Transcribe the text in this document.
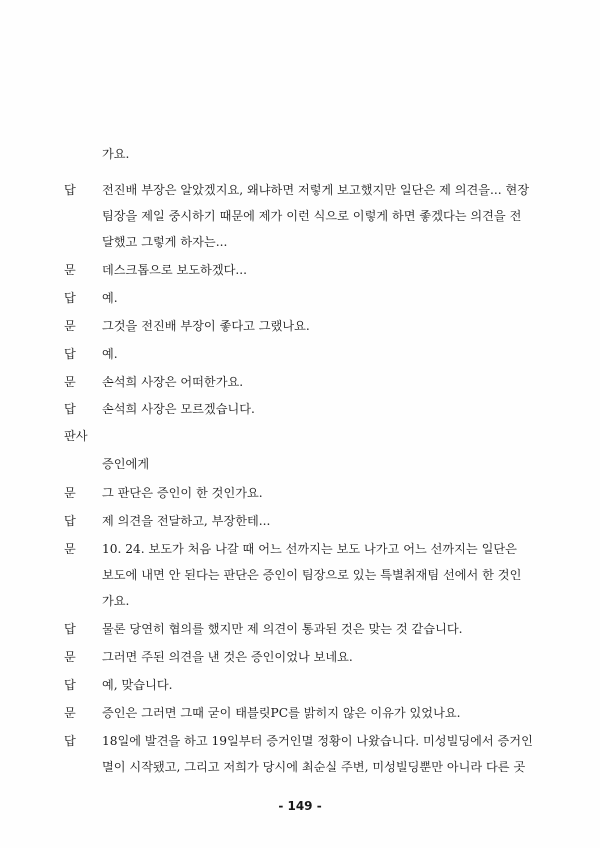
가요.
답 전진배 부장은 알았겠지요, 왜냐하면 저렇게 보고했지만 일단은 제 의견을... 현장
팀장을 제일 중시하기 때문에 제가 이런 식으로 이렇게 하면 좋겠다는 의견을 전
달했고 그렇게 하자는...
문 데스크톱으로 보도하겠다...
답 예.
문 그것을 전진배 부장이 좋다고 그랬나요.
답 예.
문 손석희 사장은 어떠한가요.
답 손석희 사장은 모르겠습니다.
판사
증인에게
문 그 판단은 증인이 한 것인가요.
답 제 의견을 전달하고, 부장한테...
문 10. 24. 보도가 처음 나갈 때 어느 선까지는 보도 나가고 어느 선까지는 일단은
보도에 내면 안 된다는 판단은 증인이 팀장으로 있는 특별취재팀 선에서 한 것인
가요.
답 물론 당연히 협의를 했지만 제 의견이 통과된 것은 맞는 것 같습니다.
문 그러면 주된 의견을 낸 것은 증인이었나 보네요.
답 예, 맞습니다.
문 증인은 그러면 그때 굳이 태블릿PC를 밝히지 않은 이유가 있었나요.
답 18일에 발견을 하고 19일부터 증거인멸 정황이 나왔습니다. 미성빌딩에서 증거인
멸이 시작됐고, 그리고 저희가 당시에 최순실 주변, 미성빌딩뿐만 아니라 다른 곳
- 149 -
